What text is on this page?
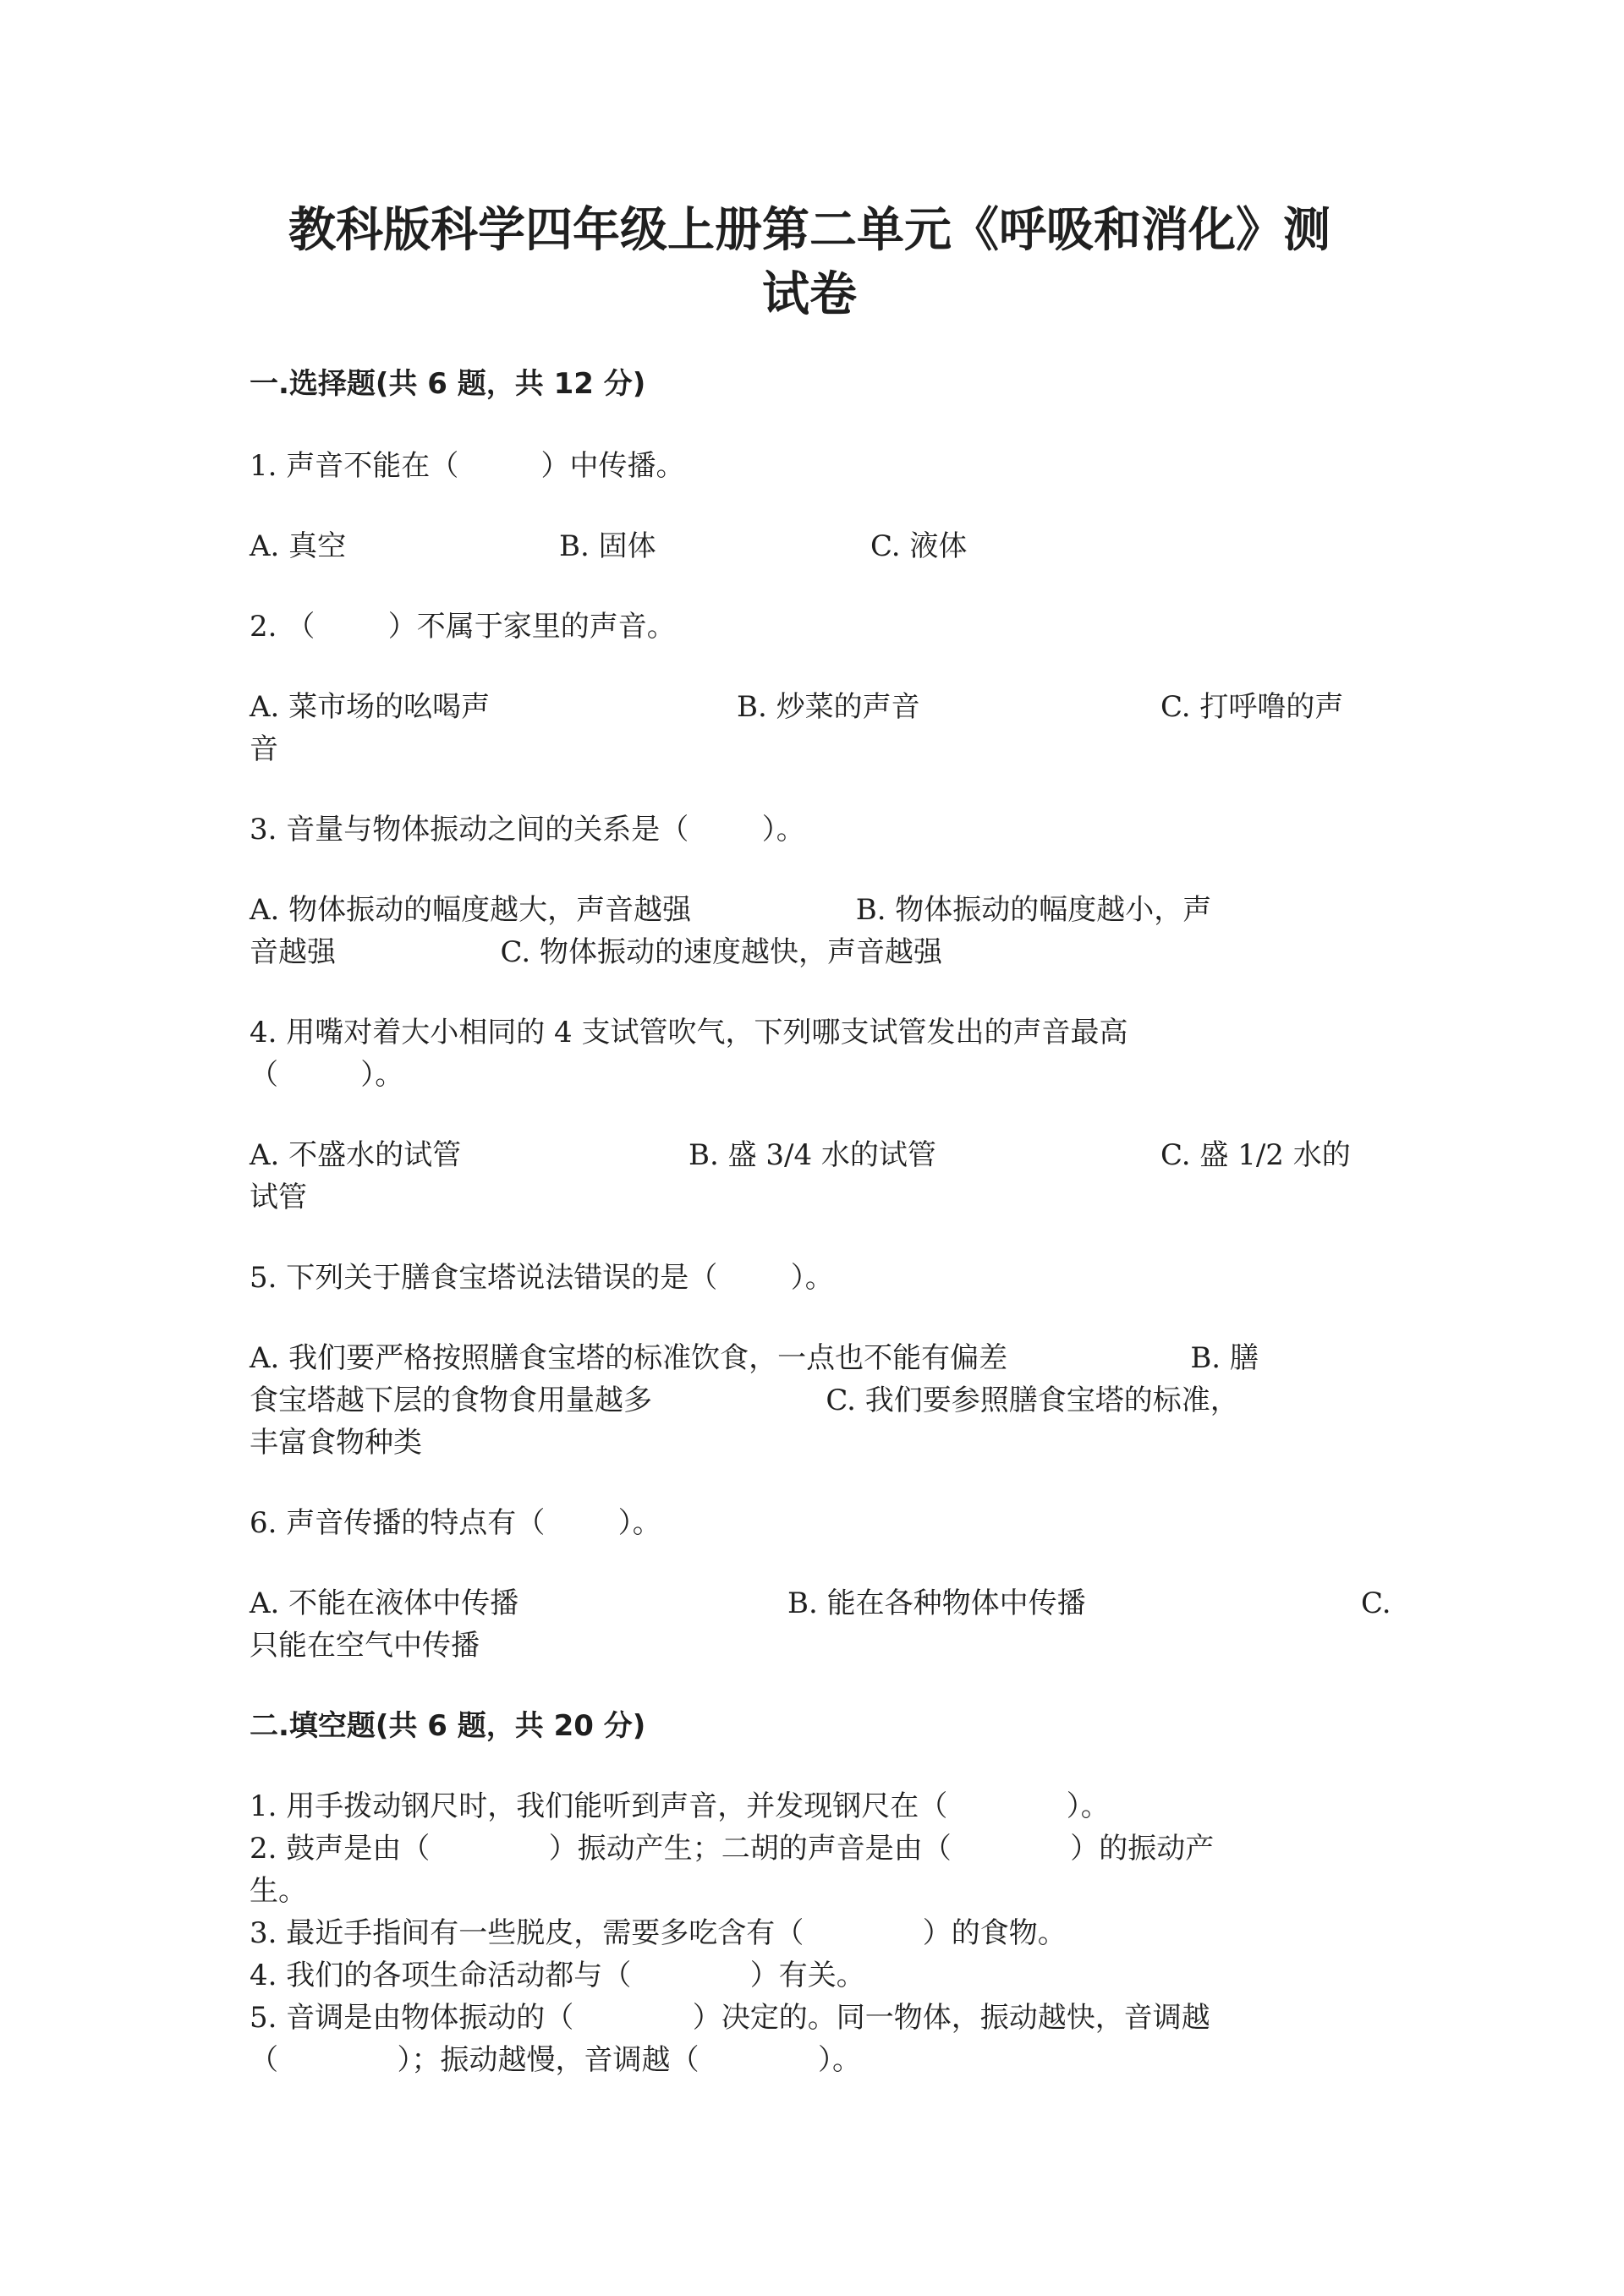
教科版科学四年级上册第二单元《呼吸和消化》测
试卷
一.选择题(共 6 题，共 12 分)
1. 声音不能在（         ）中传播。
A. 真空	B. 固体	C. 液体
2. （        ）不属于家里的声音。
A. 菜市场的吆喝声	B. 炒菜的声音	C. 打呼噜的声
音
3. 音量与物体振动之间的关系是（        ）。
A. 物体振动的幅度越大，声音越强                  B. 物体振动的幅度越小，声
音越强                  C. 物体振动的速度越快，声音越强
4. 用嘴对着大小相同的 4 支试管吹气，下列哪支试管发出的声音最高
（         ）。
A. 不盛水的试管	B. 盛 3/4 水的试管	C. 盛 1/2 水的
试管
5. 下列关于膳食宝塔说法错误的是（        ）。
A. 我们要严格按照膳食宝塔的标准饮食，一点也不能有偏差                    B. 膳
食宝塔越下层的食物食用量越多                   C. 我们要参照膳食宝塔的标准，
丰富食物种类
6. 声音传播的特点有（        ）。
A. 不能在液体中传播	B. 能在各种物体中传播	C.
只能在空气中传播
二.填空题(共 6 题，共 20 分)
1. 用手拨动钢尺时，我们能听到声音，并发现钢尺在（             ）。
2. 鼓声是由（             ）振动产生；二胡的声音是由（             ）的振动产
生。
3. 最近手指间有一些脱皮，需要多吃含有（             ）的食物。
4. 我们的各项生命活动都与（             ）有关。
5. 音调是由物体振动的（             ）决定的。同一物体，振动越快，音调越
（             ）；振动越慢，音调越（             ）。
